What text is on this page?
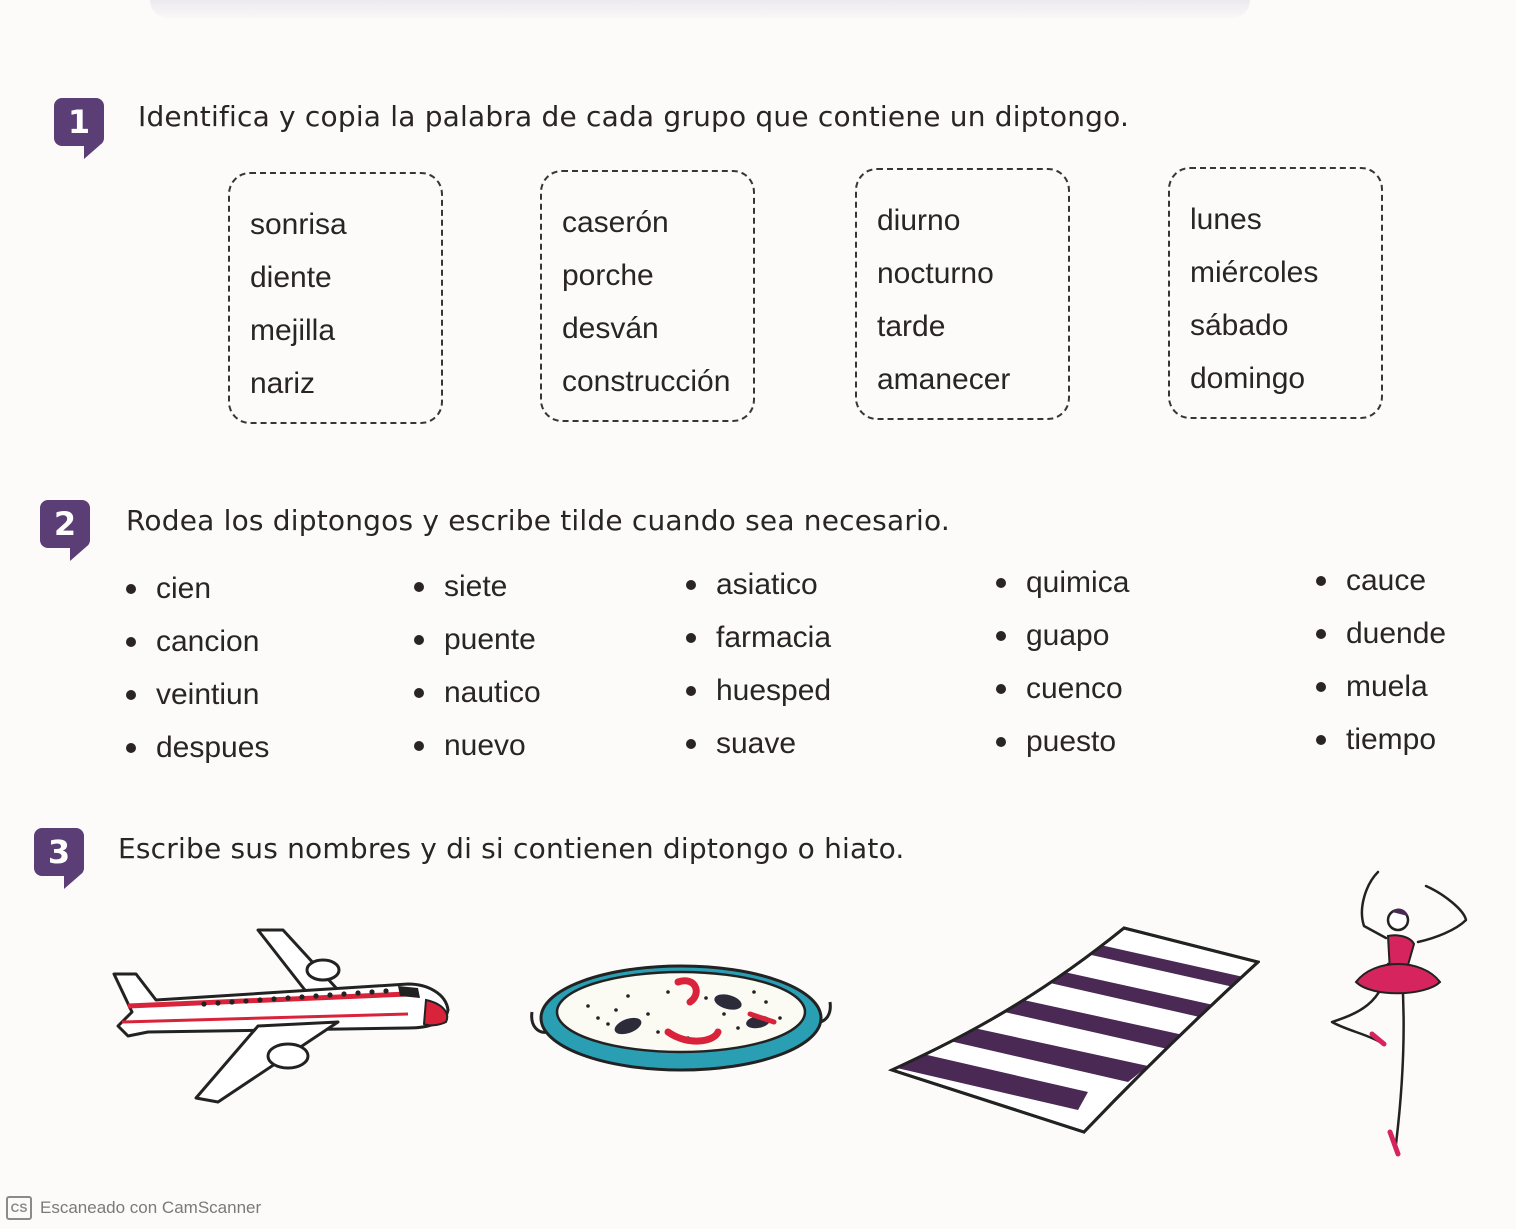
1	Identifica y copia la palabra de cada grupo que contiene un diptongo.
sonrisa
diente
mejilla
nariz
caserón
porche
desván
construcción
diurno
nocturno
tarde
amanecer
lunes
miércoles
sábado
domingo
2	Rodea los diptongos y escribe tilde cuando sea necesario.
cien
cancion
veintiun
despues
siete
puente
nautico
nuevo
asiatico
farmacia
huesped
suave
quimica
guapo
cuenco
puesto
cauce
duende
muela
tiempo
3	Escribe sus nombres y di si contienen diptongo o hiato.
CS Escaneado con CamScanner
